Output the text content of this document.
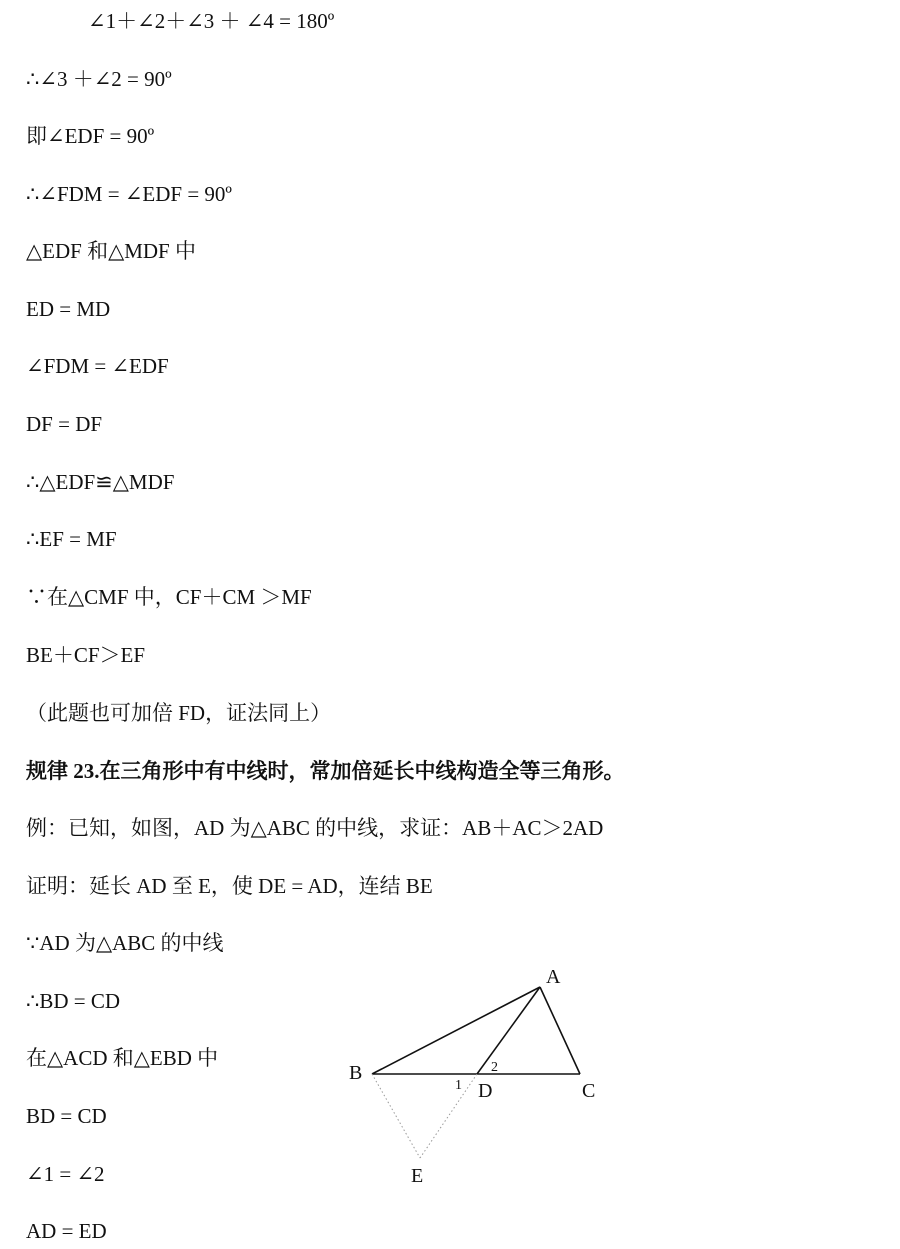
∠1＋∠2＋∠3 ＋ ∠4 = 180º
∴∠3 ＋∠2 = 90º
即∠EDF = 90º
∴∠FDM = ∠EDF = 90º
△EDF 和△MDF 中
ED = MD
∠FDM = ∠EDF
DF = DF
∴△EDF≌△MDF
∴EF = MF
∵在△CMF 中，CF＋CM ＞MF
BE＋CF＞EF
（此题也可加倍 FD，证法同上）
规律 23.在三角形中有中线时，常加倍延长中线构造全等三角形。
例：已知，如图，AD 为△ABC 的中线，求证：AB＋AC＞2AD
证明：延长 AD 至 E，使 DE = AD，连结 BE
∵AD 为△ABC 的中线
∴BD = CD
在△ACD 和△EBD 中
BD = CD
∠1 = ∠2
AD = ED
A
B
C
D
E
1
2
